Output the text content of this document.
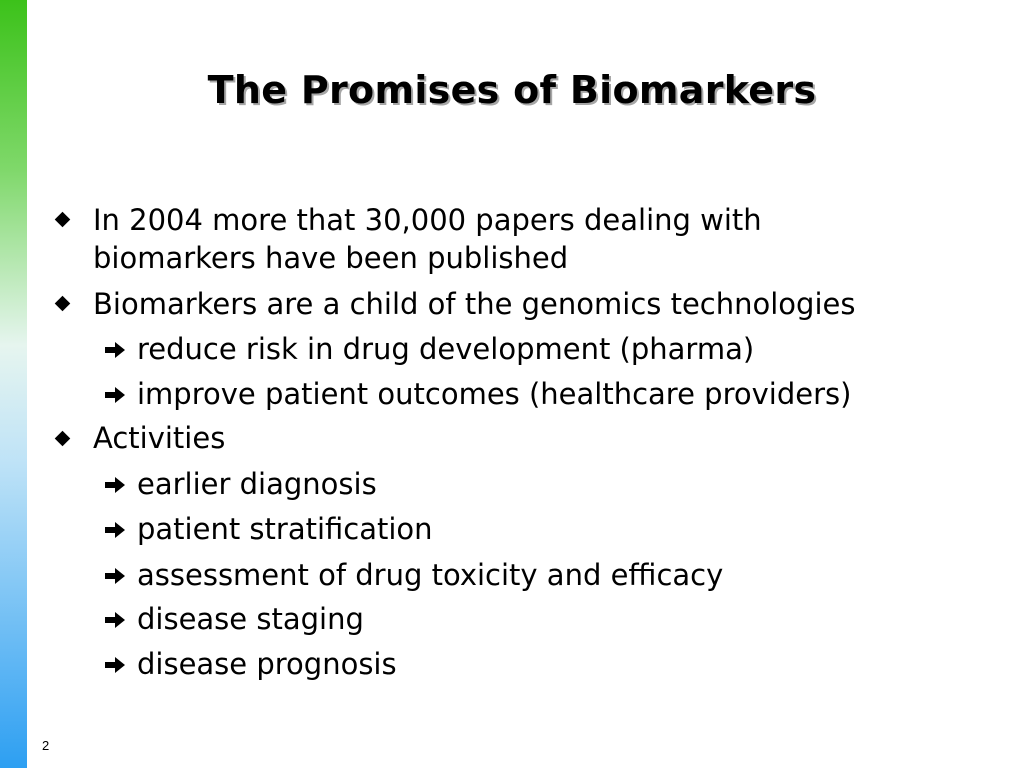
The Promises of Biomarkers
In 2004 more that 30,000 papers dealing with
biomarkers have been published
Biomarkers are a child of the genomics technologies
reduce risk in drug development (pharma)
improve patient outcomes (healthcare providers)
Activities
earlier diagnosis
patient stratification
assessment of drug toxicity and efficacy
disease staging
disease prognosis
2
